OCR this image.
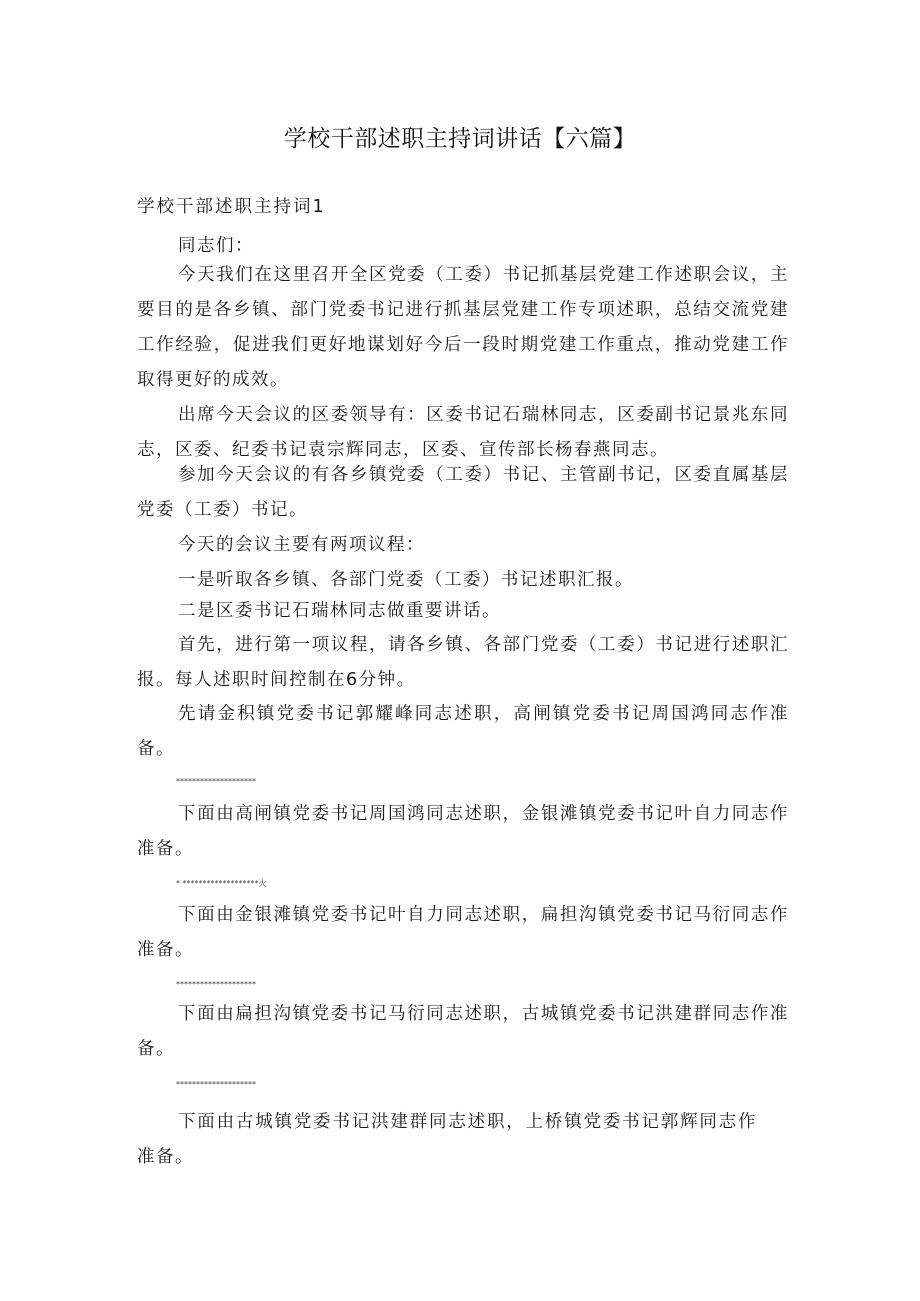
学校干部述职主持词讲话【六篇】
学校干部述职主持词1

同志们：

今天我们在这里召开全区党委（工委）书记抓基层党建工作述职会议，主要目的是各乡镇、部门党委书记进行抓基层党建工作专项述职，总结交流党建工作经验，促进我们更好地谋划好今后一段时期党建工作重点，推动党建工作取得更好的成效。

出席今天会议的区委领导有：区委书记石瑞林同志，区委副书记景兆东同志，区委、纪委书记袁宗辉同志，区委、宣传部长杨春燕同志。

参加今天会议的有各乡镇党委（工委）书记、主管副书记，区委直属基层党委（工委）书记。

今天的会议主要有两项议程：

一是听取各乡镇、各部门党委（工委）书记述职汇报。

二是区委书记石瑞林同志做重要讲话。

首先，进行第一项议程，请各乡镇、各部门党委（工委）书记进行述职汇报。每人述职时间控制在6分钟。

先请金积镇党委书记郭耀峰同志述职，高闸镇党委书记周国鸿同志作准备。

********************

下面由高闸镇党委书记周国鸿同志述职，金银滩镇党委书记叶自力同志作准备。

* *******************火

下面由金银滩镇党委书记叶自力同志述职，扁担沟镇党委书记马衍同志作准备。

********************

下面由扁担沟镇党委书记马衍同志述职，古城镇党委书记洪建群同志作准备。

********************

下面由古城镇党委书记洪建群同志述职，上桥镇党委书记郭辉同志作准备。
